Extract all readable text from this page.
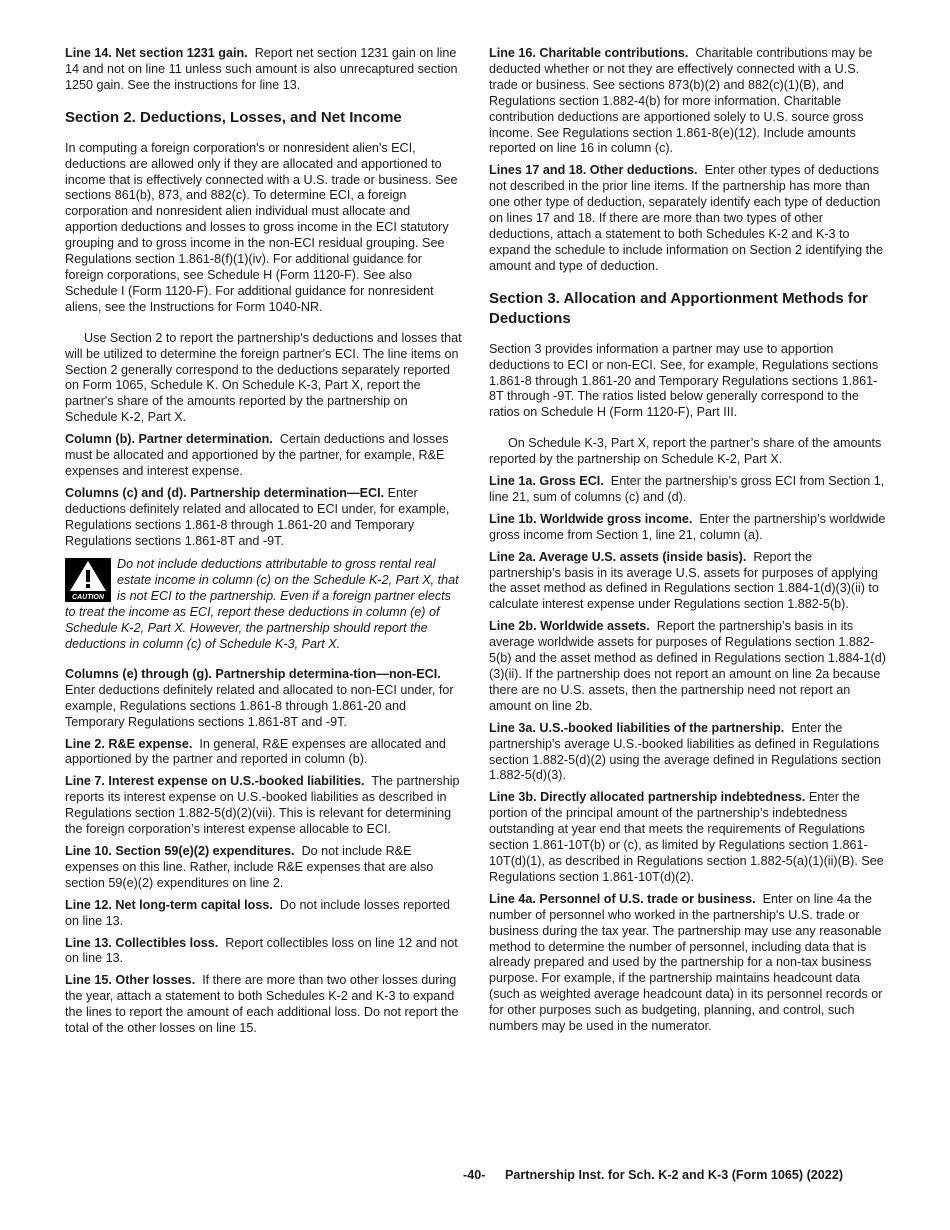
Line 14. Net section 1231 gain. Report net section 1231 gain on line 14 and not on line 11 unless such amount is also unrecaptured section 1250 gain. See the instructions for line 13.

Section 2. Deductions, Losses, and Net Income

In computing a foreign corporation's or nonresident alien's ECI, deductions are allowed only if they are allocated and apportioned to income that is effectively connected with a U.S. trade or business. See sections 861(b), 873, and 882(c). To determine ECI, a foreign corporation and nonresident alien individual must allocate and apportion deductions and losses to gross income in the ECI statutory grouping and to gross income in the non-ECI residual grouping. See Regulations section 1.861-8(f)(1)(iv). For additional guidance for foreign corporations, see Schedule H (Form 1120-F). See also Schedule I (Form 1120-F). For additional guidance for nonresident aliens, see the Instructions for Form 1040-NR.

Use Section 2 to report the partnership's deductions and losses that will be utilized to determine the foreign partner's ECI. The line items on Section 2 generally correspond to the deductions separately reported on Form 1065, Schedule K. On Schedule K-3, Part X, report the partner's share of the amounts reported by the partnership on Schedule K-2, Part X.

Column (b). Partner determination. Certain deductions and losses must be allocated and apportioned by the partner, for example, R&E expenses and interest expense.

Columns (c) and (d). Partnership determination—ECI. Enter deductions definitely related and allocated to ECI under, for example, Regulations sections 1.861-8 through 1.861-20 and Temporary Regulations sections 1.861-8T and -9T.

CAUTION
Do not include deductions attributable to gross rental real estate income in column (c) on the Schedule K-2, Part X, that is not ECI to the partnership. Even if a foreign partner elects to treat the income as ECI, report these deductions in column (e) of Schedule K-2, Part X. However, the partnership should report the deductions in column (c) of Schedule K-3, Part X.

Columns (e) through (g). Partnership determina-tion—non-ECI.  Enter deductions definitely related and allocated to non-ECI under, for example, Regulations sections 1.861-8 through 1.861-20 and Temporary Regulations sections 1.861-8T and -9T.

Line 2. R&E expense. In general, R&E expenses are allocated and apportioned by the partner and reported in column (b).

Line 7. Interest expense on U.S.-booked liabilities. The partnership reports its interest expense on U.S.-booked liabilities as described in Regulations section 1.882-5(d)(2)(vii). This is relevant for determining the foreign corporation’s interest expense allocable to ECI.

Line 10. Section 59(e)(2) expenditures. Do not include R&E expenses on this line. Rather, include R&E expenses that are also section 59(e)(2) expenditures on line 2.

Line 12. Net long-term capital loss. Do not include losses reported on line 13.

Line 13. Collectibles loss. Report collectibles loss on line 12 and not on line 13.

Line 15. Other losses. If there are more than two other losses during the year, attach a statement to both Schedules K-2 and K-3 to expand the lines to report the amount of each additional loss. Do not report the total of the other losses on line 15.

Line 16. Charitable contributions. Charitable contributions may be deducted whether or not they are effectively connected with a U.S. trade or business. See sections 873(b)(2) and 882(c)(1)(B), and Regulations section 1.882-4(b) for more information. Charitable contribution deductions are apportioned solely to U.S. source gross income. See Regulations section 1.861-8(e)(12). Include amounts reported on line 16 in column (c).

Lines 17 and 18. Other deductions. Enter other types of deductions not described in the prior line items. If the partnership has more than one other type of deduction, separately identify each type of deduction on lines 17 and 18. If there are more than two types of other deductions, attach a statement to both Schedules K-2 and K-3 to expand the schedule to include information on Section 2 identifying the amount and type of deduction.

Section 3. Allocation and Apportionment Methods for Deductions

Section 3 provides information a partner may use to apportion deductions to ECI or non-ECI. See, for example, Regulations sections 1.861-8 through 1.861-20 and Temporary Regulations sections 1.861-8T through -9T. The ratios listed below generally correspond to the ratios on Schedule H (Form 1120-F), Part III.

On Schedule K-3, Part X, report the partner’s share of the amounts reported by the partnership on Schedule K-2, Part X.

Line 1a. Gross ECI. Enter the partnership’s gross ECI from Section 1, line 21, sum of columns (c) and (d).

Line 1b. Worldwide gross income. Enter the partnership’s worldwide gross income from Section 1, line 21, column (a).

Line 2a. Average U.S. assets (inside basis). Report the partnership’s basis in its average U.S. assets for purposes of applying the asset method as defined in Regulations section 1.884-1(d)(3)(ii) to calculate interest expense under Regulations section 1.882-5(b).

Line 2b. Worldwide assets. Report the partnership’s basis in its average worldwide assets for purposes of Regulations section 1.882-5(b) and the asset method as defined in Regulations section 1.884-1(d)(3)(ii). If the partnership does not report an amount on line 2a because there are no U.S. assets, then the partnership need not report an amount on line 2b.

Line 3a. U.S.-booked liabilities of the partnership. Enter the partnership's average U.S.-booked liabilities as defined in Regulations section 1.882-5(d)(2) using the average defined in Regulations section 1.882-5(d)(3).

Line 3b. Directly allocated partnership indebtedness. Enter the portion of the principal amount of the partnership’s indebtedness outstanding at year end that meets the requirements of Regulations section 1.861-10T(b) or (c), as limited by Regulations section 1.861-10T(d)(1), as described in Regulations section 1.882-5(a)(1)(ii)(B). See Regulations section 1.861-10T(d)(2).

Line 4a. Personnel of U.S. trade or business. Enter on line 4a the number of personnel who worked in the partnership's U.S. trade or business during the tax year. The partnership may use any reasonable method to determine the number of personnel, including data that is already prepared and used by the partnership for a non-tax business purpose. For example, if the partnership maintains headcount data (such as weighted average headcount data) in its personnel records or for other purposes such as budgeting, planning, and control, such numbers may be used in the numerator.

-40- Partnership Inst. for Sch. K-2 and K-3 (Form 1065) (2022)
